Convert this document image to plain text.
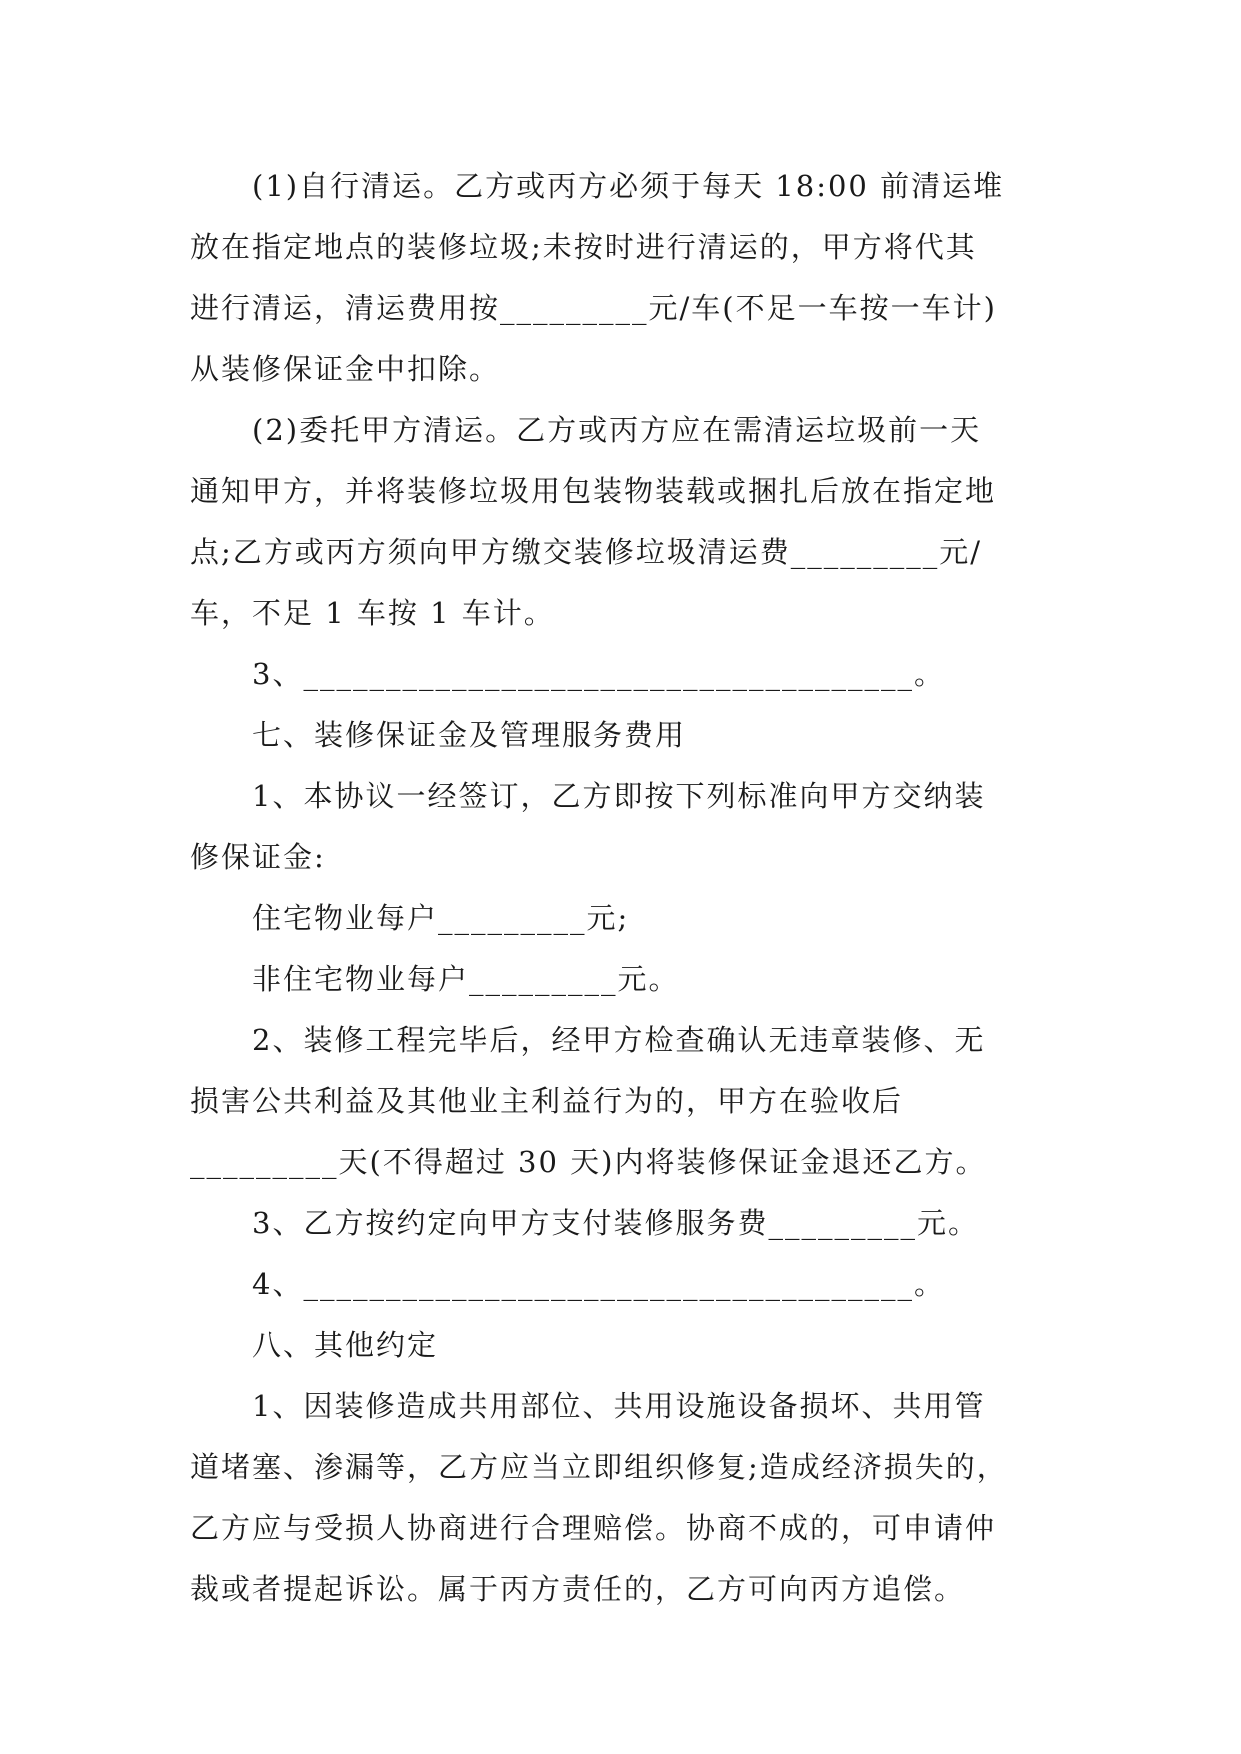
(1)自行清运。乙方或丙方必须于每天 18:00 前清运堆
放在指定地点的装修垃圾;未按时进行清运的，甲方将代其
进行清运，清运费用按_________元/车(不足一车按一车计)
从装修保证金中扣除。
(2)委托甲方清运。乙方或丙方应在需清运垃圾前一天
通知甲方，并将装修垃圾用包装物装载或捆扎后放在指定地
点;乙方或丙方须向甲方缴交装修垃圾清运费_________元/
车，不足 1 车按 1 车计。
3、_____________________________________。
七、装修保证金及管理服务费用
1、本协议一经签订，乙方即按下列标准向甲方交纳装
修保证金:
住宅物业每户_________元;
非住宅物业每户_________元。
2、装修工程完毕后，经甲方检查确认无违章装修、无
损害公共利益及其他业主利益行为的，甲方在验收后
_________天(不得超过 30 天)内将装修保证金退还乙方。
3、乙方按约定向甲方支付装修服务费_________元。
4、_____________________________________。
八、其他约定
1、因装修造成共用部位、共用设施设备损坏、共用管
道堵塞、渗漏等，乙方应当立即组织修复;造成经济损失的，
乙方应与受损人协商进行合理赔偿。协商不成的，可申请仲
裁或者提起诉讼。属于丙方责任的，乙方可向丙方追偿。
